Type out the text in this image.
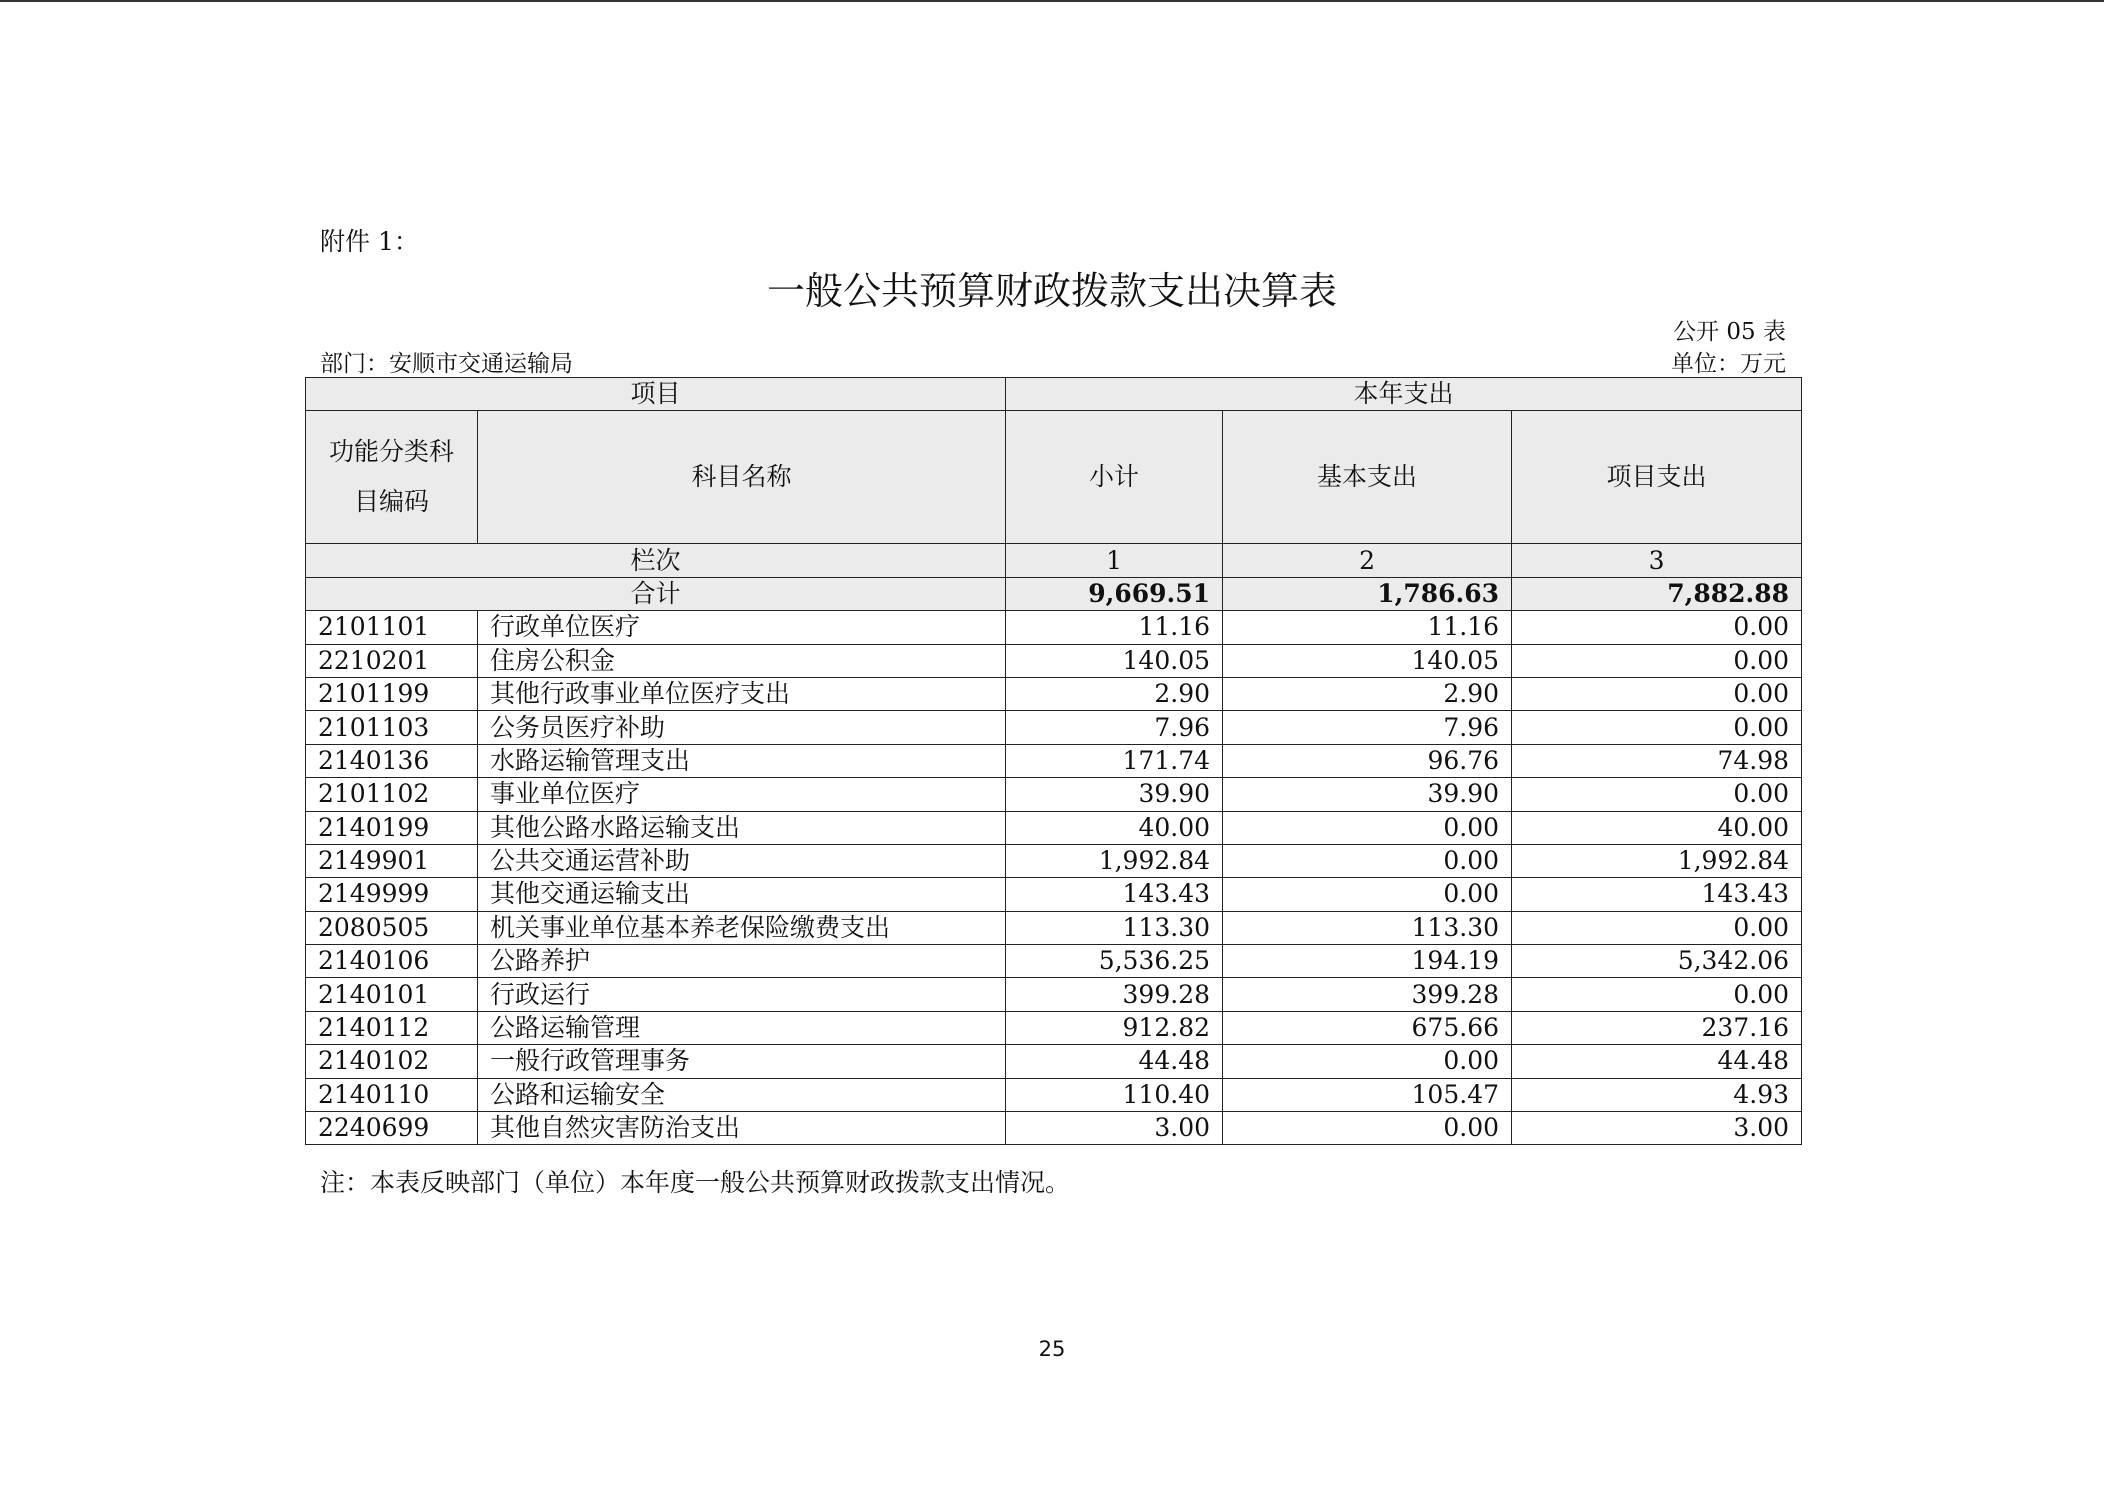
附件 1：
一般公共预算财政拨款支出决算表
公开 05 表
部门：安顺市交通运输局	单位：万元
项目		本年支出		
功能分类科目编码	科目名称	小计	基本支出	项目支出
栏次		1	2	3
合计		9,669.51	1,786.63	7,882.88
2101101	行政单位医疗	11.16	11.16	0.00
2210201	住房公积金	140.05	140.05	0.00
2101199	其他行政事业单位医疗支出	2.90	2.90	0.00
2101103	公务员医疗补助	7.96	7.96	0.00
2140136	水路运输管理支出	171.74	96.76	74.98
2101102	事业单位医疗	39.90	39.90	0.00
2140199	其他公路水路运输支出	40.00	0.00	40.00
2149901	公共交通运营补助	1,992.84	0.00	1,992.84
2149999	其他交通运输支出	143.43	0.00	143.43
2080505	机关事业单位基本养老保险缴费支出	113.30	113.30	0.00
2140106	公路养护	5,536.25	194.19	5,342.06
2140101	行政运行	399.28	399.28	0.00
2140112	公路运输管理	912.82	675.66	237.16
2140102	一般行政管理事务	44.48	0.00	44.48
2140110	公路和运输安全	110.40	105.47	4.93
2240699	其他自然灾害防治支出	3.00	0.00	3.00
注：本表反映部门（单位）本年度一般公共预算财政拨款支出情况。
25
